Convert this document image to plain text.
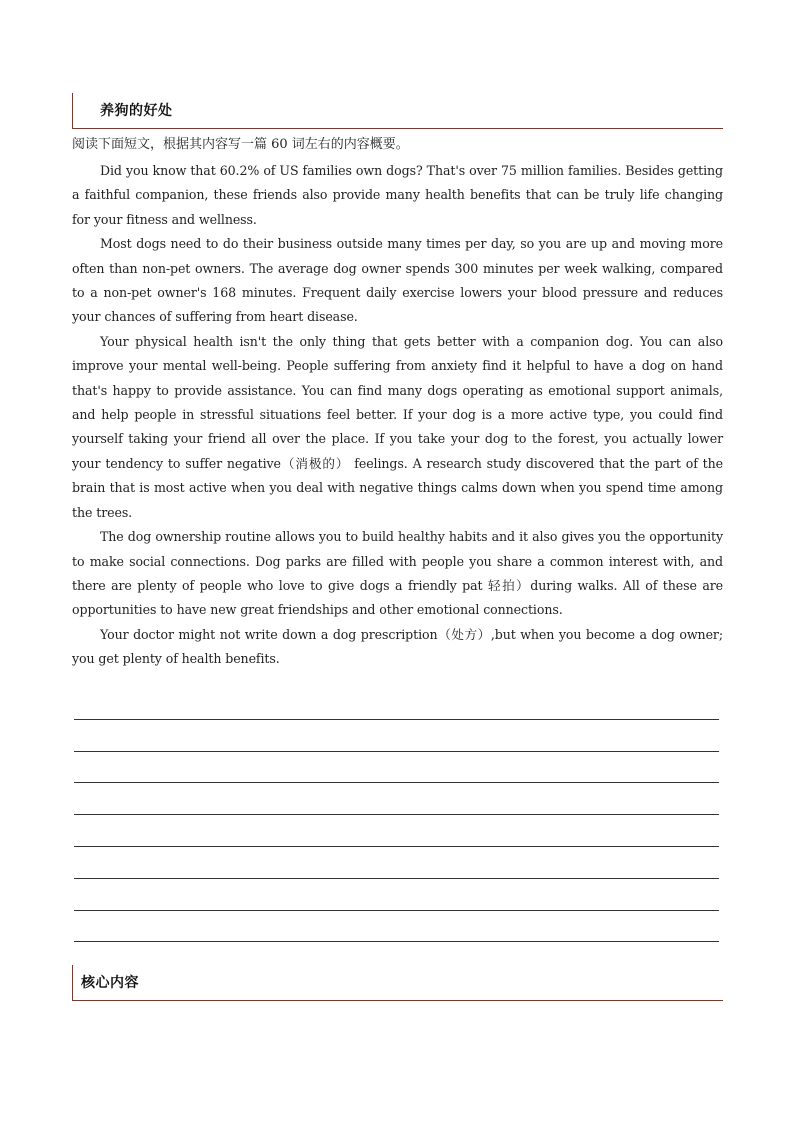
养狗的好处
阅读下面短文，根据其内容写一篇 60 词左右的内容概要。

Did you know that 60.2% of US families own dogs? That's over 75 million families. Besides getting a faithful companion, these friends also provide many health benefits that can be truly life changing for your fitness and wellness.

Most dogs need to do their business outside many times per day, so you are up and moving more often than non-pet owners. The average dog owner spends 300 minutes per week walking, compared to a non-pet owner's 168 minutes. Frequent daily exercise lowers your blood pressure and reduces your chances of suffering from heart disease.

Your physical health isn't the only thing that gets better with a companion dog. You can also improve your mental well-being. People suffering from anxiety find it helpful to have a dog on hand that's happy to provide assistance. You can find many dogs operating as emotional support animals, and help people in stressful situations feel better. If your dog is a more active type, you could find yourself taking your friend all over the place. If you take your dog to the forest, you actually lower your tendency to suffer negative（消极的） feelings. A research study discovered that the part of the brain that is most active when you deal with negative things calms down when you spend time among the trees.

The dog ownership routine allows you to build healthy habits and it also gives you the opportunity to make social connections. Dog parks are filled with people you share a common interest with, and there are plenty of people who love to give dogs a friendly pat 轻拍）during walks. All of these are opportunities to have new great friendships and other emotional connections.

Your doctor might not write down a dog prescription（处方）,but when you become a dog owner; you get plenty of health benefits.

核心内容
